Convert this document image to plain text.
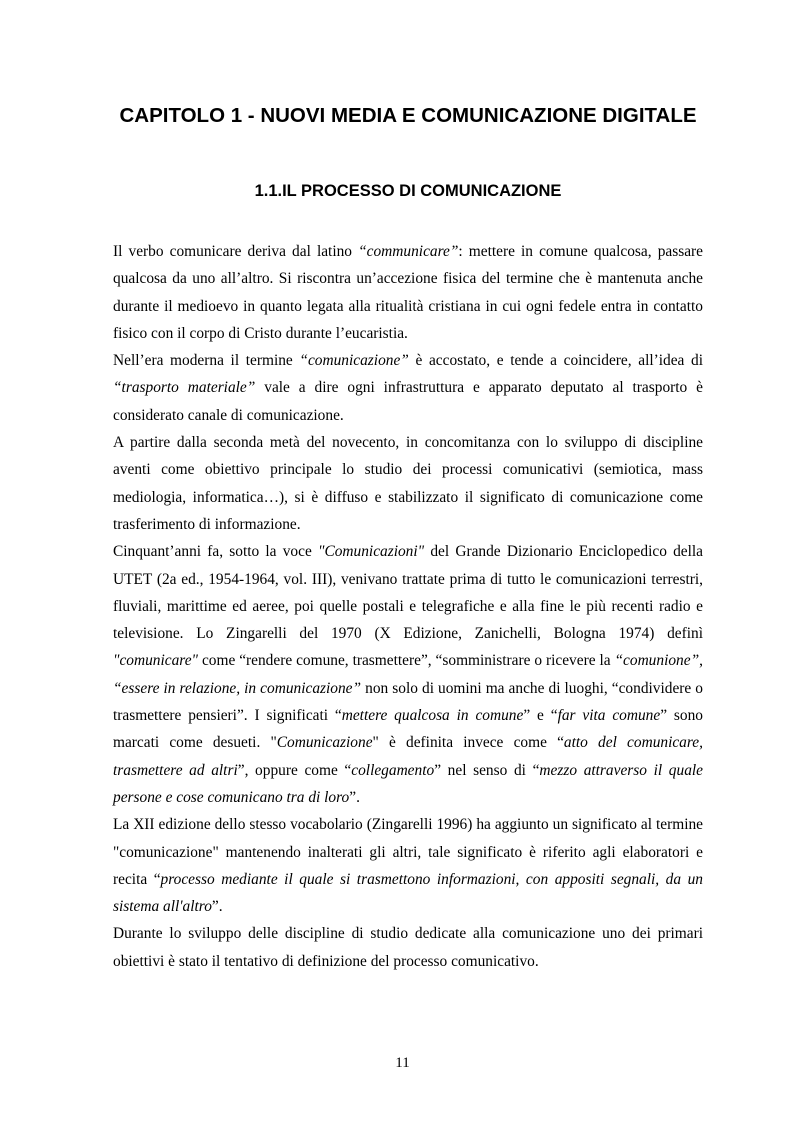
CAPITOLO 1 - NUOVI MEDIA E COMUNICAZIONE DIGITALE
1.1.IL PROCESSO DI COMUNICAZIONE

Il verbo comunicare deriva dal latino “communicare”: mettere in comune qualcosa, passare qualcosa da uno all’altro. Si riscontra un’accezione fisica del termine che è mantenuta anche durante il medioevo in quanto legata alla ritualità cristiana in cui ogni fedele entra in contatto fisico con il corpo di Cristo durante l’eucaristia.

Nell’era moderna il termine “comunicazione” è accostato, e tende a coincidere, all’idea di “trasporto materiale” vale a dire ogni infrastruttura e apparato deputato al trasporto è considerato canale di comunicazione.

A partire dalla seconda metà del novecento, in concomitanza con lo sviluppo di discipline aventi come obiettivo principale lo studio dei processi comunicativi (semiotica, mass mediologia, informatica…), si è diffuso e stabilizzato il significato di comunicazione come trasferimento di informazione.

Cinquant’anni fa, sotto la voce "Comunicazioni" del Grande Dizionario Enciclopedico della UTET (2a ed., 1954-1964, vol. III), venivano trattate prima di tutto le comunicazioni terrestri, fluviali, marittime ed aeree, poi quelle postali e telegrafiche e alla fine le più recenti radio e televisione. Lo Zingarelli del 1970 (X Edizione, Zanichelli, Bologna 1974) definì "comunicare" come “rendere comune, trasmettere”, “somministrare o ricevere la “comunione”, “essere in relazione, in comunicazione” non solo di uomini ma anche di luoghi, “condividere o trasmettere pensieri”. I significati “mettere qualcosa in comune” e “far vita comune” sono marcati come desueti. "Comunicazione" è definita invece come “atto del comunicare, trasmettere ad altri”, oppure come “collegamento” nel senso di “mezzo attraverso il quale persone e cose comunicano tra di loro”.

La XII edizione dello stesso vocabolario (Zingarelli 1996) ha aggiunto un significato al termine "comunicazione" mantenendo inalterati gli altri, tale significato è riferito agli elaboratori e recita “processo mediante il quale si trasmettono informazioni, con appositi segnali, da un sistema all'altro”.

Durante lo sviluppo delle discipline di studio dedicate alla comunicazione uno dei primari obiettivi è stato il tentativo di definizione del processo comunicativo.

11
